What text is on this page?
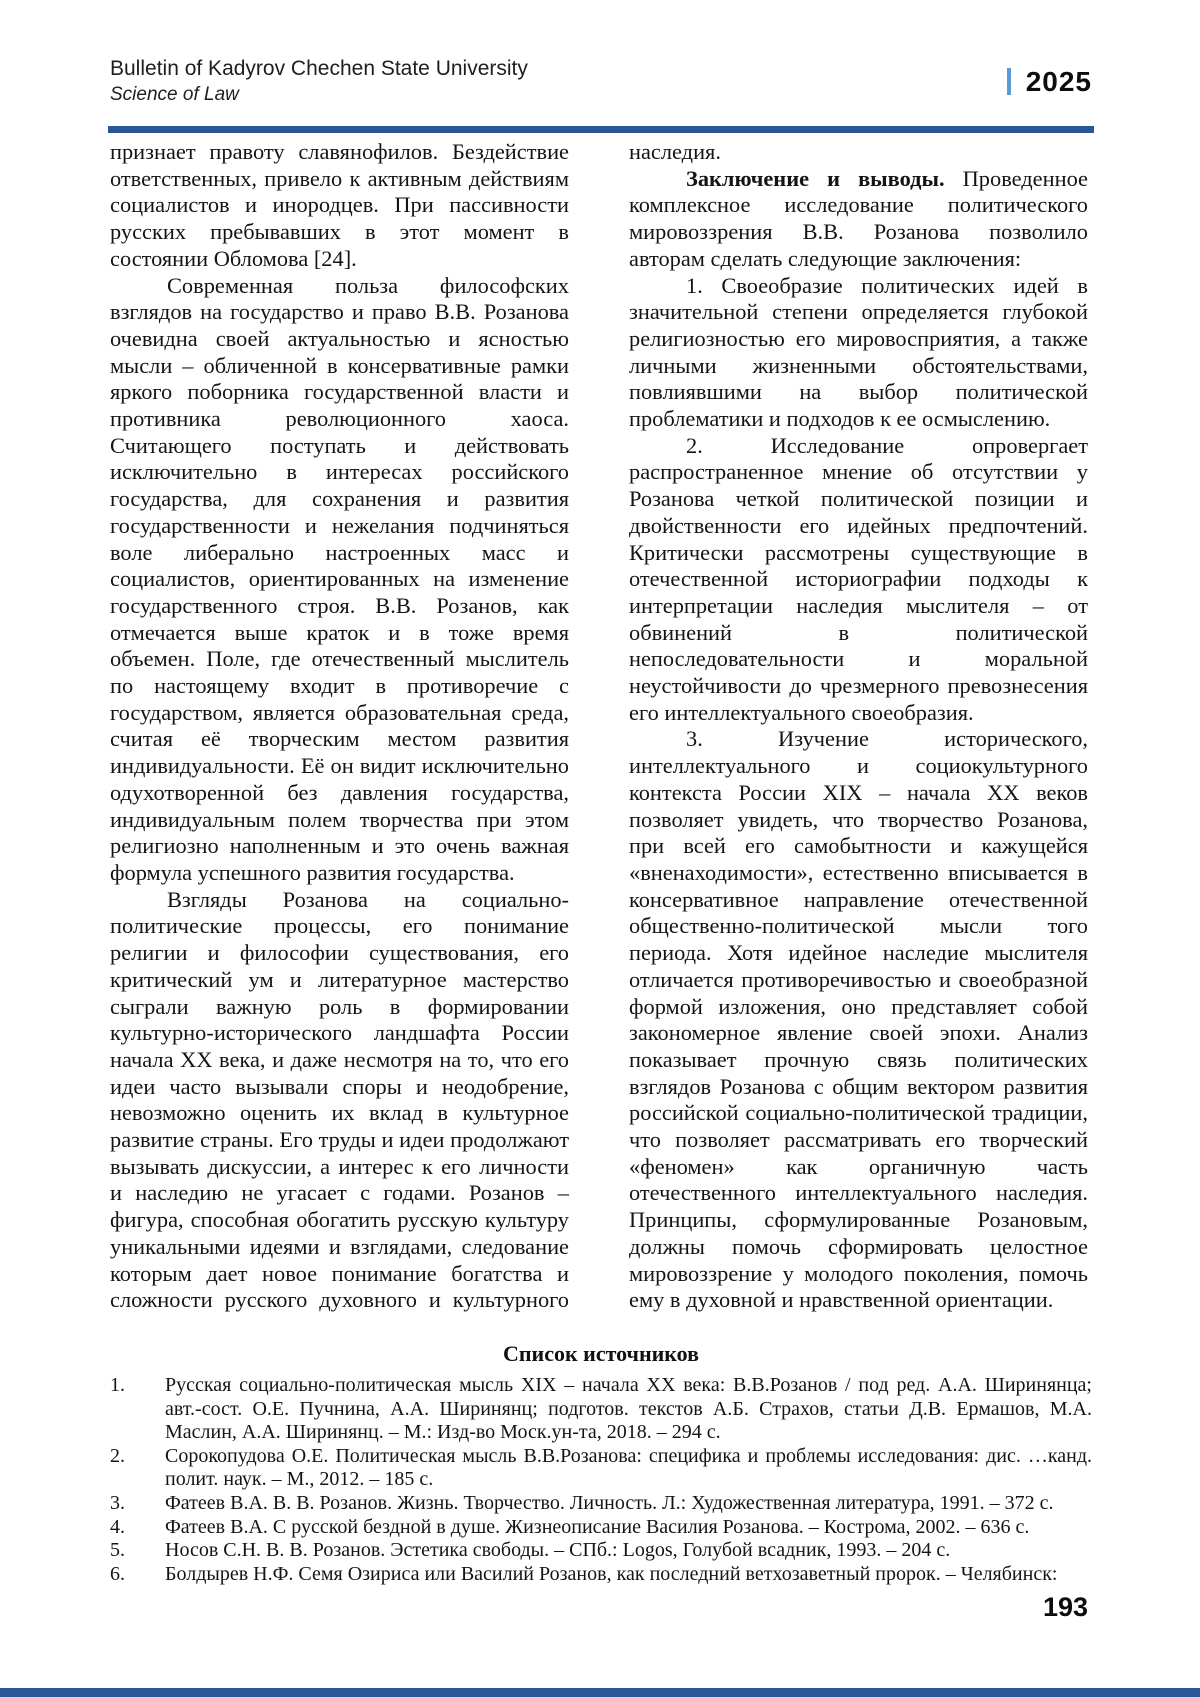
Bulletin of Kadyrov Chechen State University
Science of Law	2025

признает правоту славянофилов. Бездействие ответственных, привело к активным действиям социалистов и инородцев. При пассивности русских пребывавших в этот момент в состоянии Обломова [24].

Современная польза философских взглядов на государство и право В.В. Розанова очевидна своей актуальностью и ясностью мысли – обличенной в консервативные рамки яркого поборника государственной власти и противника революционного хаоса. Считающего поступать и действовать исключительно в интересах российского государства, для сохранения и развития государственности и нежелания подчиняться воле либерально настроенных масс и социалистов, ориентированных на изменение государственного строя. В.В. Розанов, как отмечается выше краток и в тоже время объемен. Поле, где отечественный мыслитель по настоящему входит в противоречие с государством, является образовательная среда, считая её творческим местом развития индивидуальности. Её он видит исключительно одухотворенной без давления государства, индивидуальным полем творчества при этом религиозно наполненным и это очень важная формула успешного развития государства.

Взгляды Розанова на социально-политические процессы, его понимание религии и философии существования, его критический ум и литературное мастерство сыграли важную роль в формировании культурно-исторического ландшафта России начала XX века, и даже несмотря на то, что его идеи часто вызывали споры и неодобрение, невозможно оценить их вклад в культурное развитие страны. Его труды и идеи продолжают вызывать дискуссии, а интерес к его личности и наследию не угасает с годами. Розанов – фигура, способная обогатить русскую культуру уникальными идеями и взглядами, следование которым дает новое понимание богатства и сложности русского духовного и культурного

наследия.

Заключение и выводы. Проведенное комплексное исследование политического мировоззрения В.В. Розанова позволило авторам сделать следующие заключения:

1. Своеобразие политических идей в значительной степени определяется глубокой религиозностью его мировосприятия, а также личными жизненными обстоятельствами, повлиявшими на выбор политической проблематики и подходов к ее осмыслению.

2. Исследование опровергает распространенное мнение об отсутствии у Розанова четкой политической позиции и двойственности его идейных предпочтений. Критически рассмотрены существующие в отечественной историографии подходы к интерпретации наследия мыслителя – от обвинений в политической непоследовательности и моральной неустойчивости до чрезмерного превознесения его интеллектуального своеобразия.

3. Изучение исторического, интеллектуального и социокультурного контекста России XIX – начала XX веков позволяет увидеть, что творчество Розанова, при всей его самобытности и кажущейся «вненаходимости», естественно вписывается в консервативное направление отечественной общественно-политической мысли того периода. Хотя идейное наследие мыслителя отличается противоречивостью и своеобразной формой изложения, оно представляет собой закономерное явление своей эпохи. Анализ показывает прочную связь политических взглядов Розанова с общим вектором развития российской социально-политической традиции, что позволяет рассматривать его творческий «феномен» как органичную часть отечественного интеллектуального наследия. Принципы, сформулированные Розановым, должны помочь сформировать целостное мировоззрение у молодого поколения, помочь ему в духовной и нравственной ориентации.

Список источников
1.	Русская социально-политическая мысль XIX – начала XX века: В.В.Розанов / под ред. А.А. Ширинянца; авт.-сост. О.Е. Пучнина, А.А. Ширинянц; подготов. текстов А.Б. Страхов, статьи Д.В. Ермашов, М.А. Маслин, А.А. Ширинянц. – М.: Изд-во Моск.ун-та, 2018. – 294 с.
2.	Сорокопудова О.Е. Политическая мысль В.В.Розанова: специфика и проблемы исследования: дис. …канд. полит. наук. – М., 2012. – 185 с.
3.	Фатеев В.А. В. В. Розанов. Жизнь. Творчество. Личность. Л.: Художественная литература, 1991. – 372 с.
4.	Фатеев В.А. С русской бездной в душе. Жизнеописание Василия Розанова. – Кострома, 2002. – 636 с.
5.	Носов С.Н. В. В. Розанов. Эстетика свободы. – СПб.: Logos, Голубой всадник, 1993. – 204 с.
6.	Болдырев Н.Ф. Семя Озириса или Василий Розанов, как последний ветхозаветный пророк. – Челябинск:
193
